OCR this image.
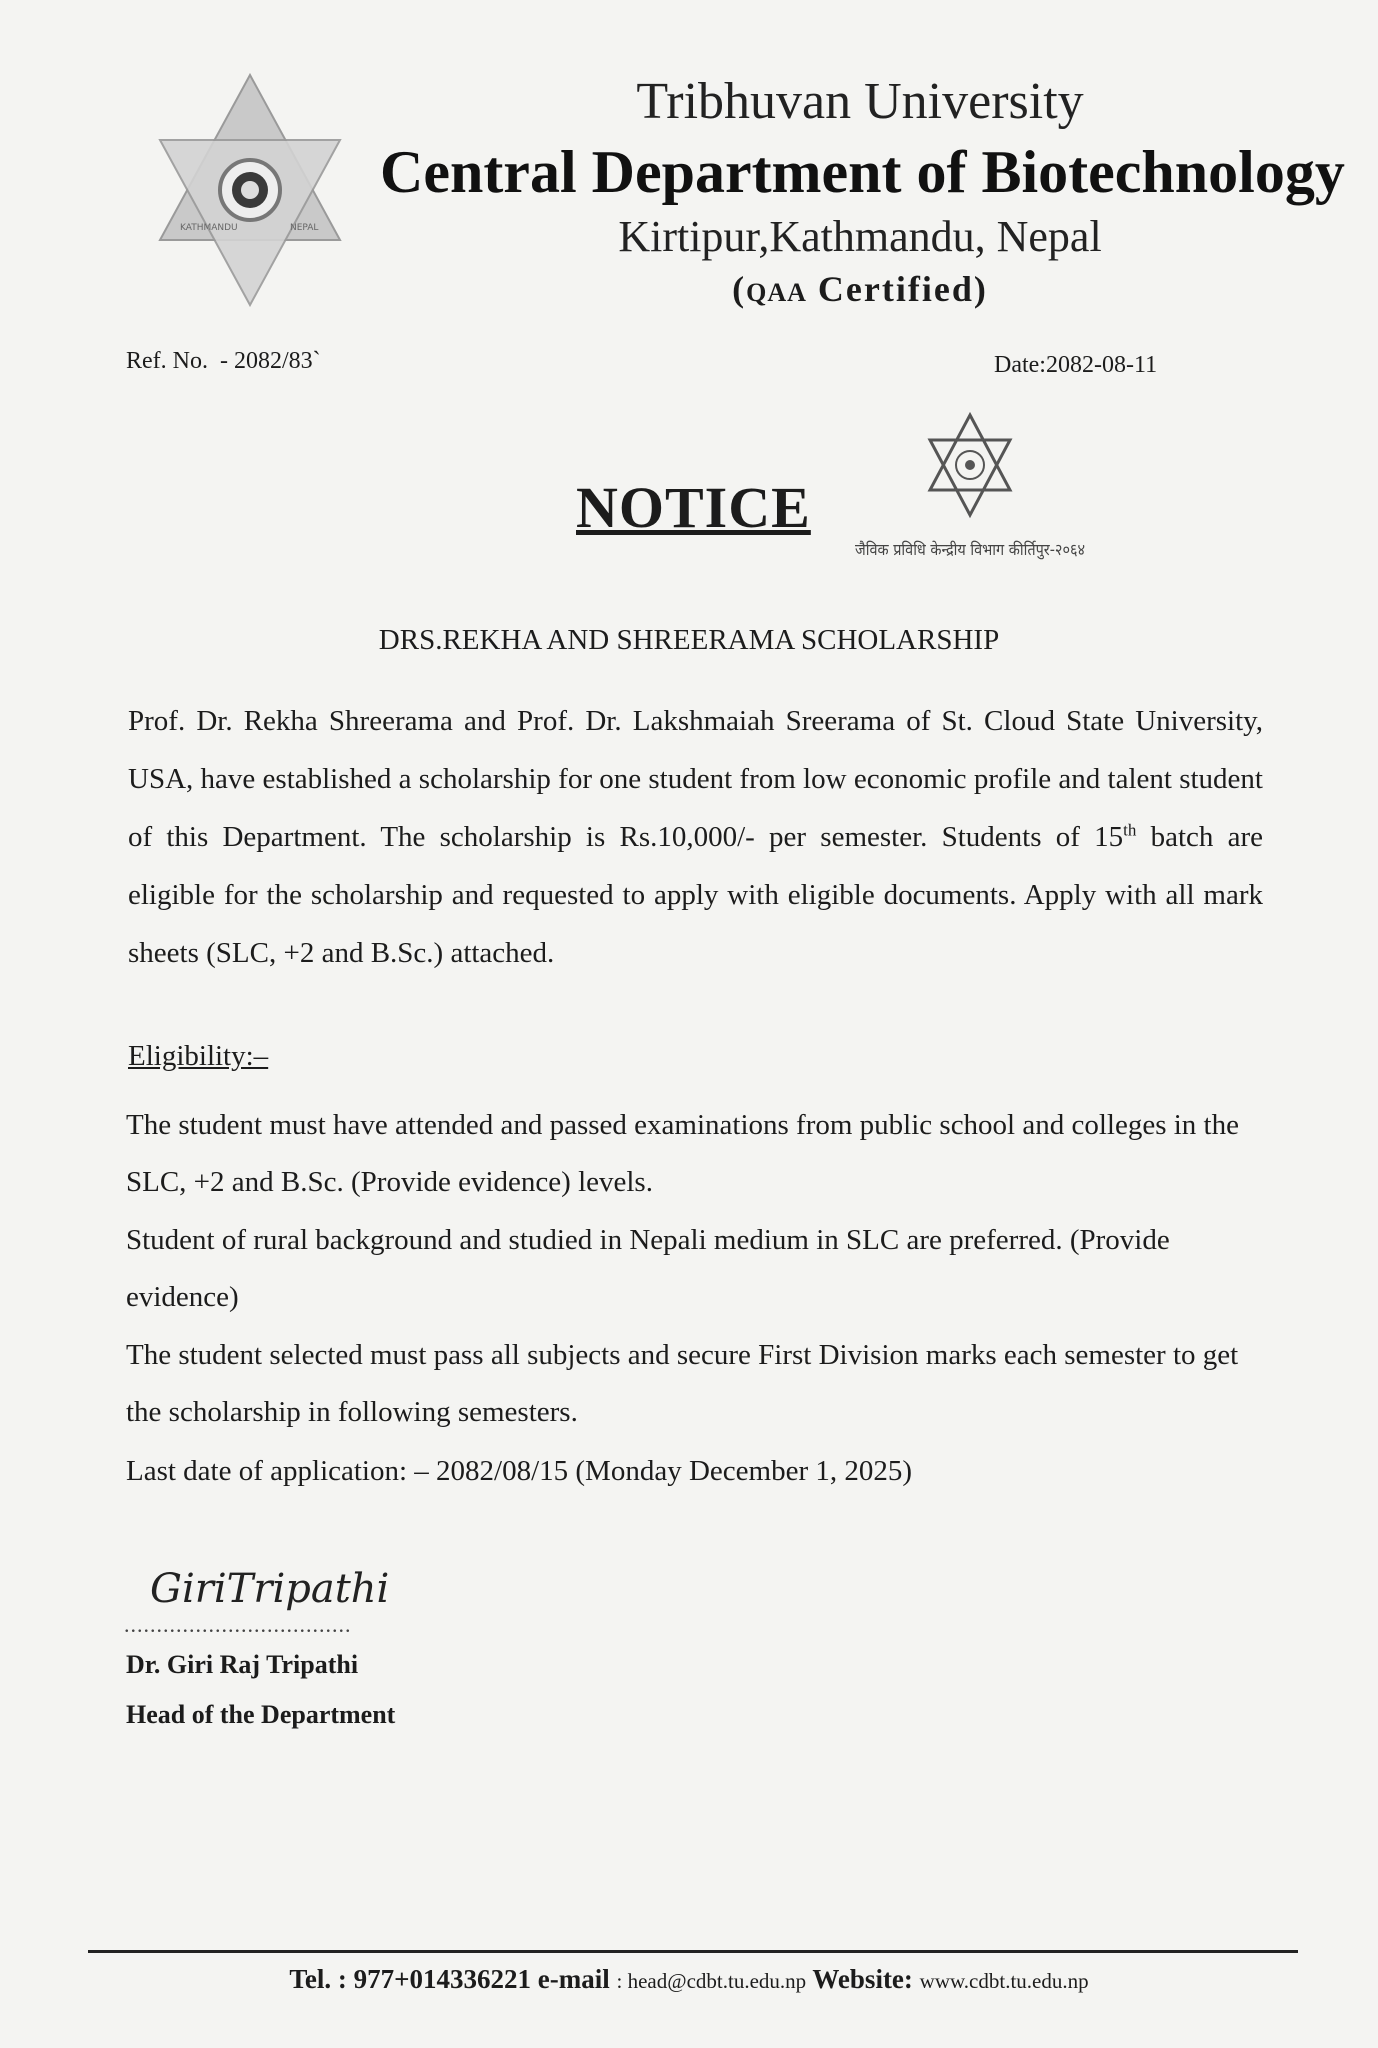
KATHMANDU	NEPAL
Tribhuvan University
Central Department of Biotechnology
Kirtipur,Kathmandu, Nepal
(QAA Certified)
Ref. No. - 2082/83`	Date:2082-08-11
NOTICE
जैविक प्रविधि केन्द्रीय विभाग कीर्तिपुर-२०६४
DRS.REKHA AND SHREERAMA SCHOLARSHIP
Prof. Dr. Rekha Shreerama and Prof. Dr. Lakshmaiah Sreerama of St. Cloud State University, USA, have established a scholarship for one student from low economic profile and talent student of this Department. The scholarship is Rs.10,000/- per semester. Students of 15th batch are eligible for the scholarship and requested to apply with eligible documents. Apply with all mark sheets (SLC, +2 and B.Sc.) attached.
Eligibility:–
The student must have attended and passed examinations from public school and colleges in the SLC, +2 and B.Sc. (Provide evidence) levels.
Student of rural background and studied in Nepali medium in SLC are preferred. (Provide evidence)
The student selected must pass all subjects and secure First Division marks each semester to get the scholarship in following semesters.
Last date of application: – 2082/08/15 (Monday December 1, 2025)
GiriTripathi
...................................
Dr. Giri Raj Tripathi
Head of the Department
Tel. : 977+014336221 e-mail : head@cdbt.tu.edu.np Website: www.cdbt.tu.edu.np
